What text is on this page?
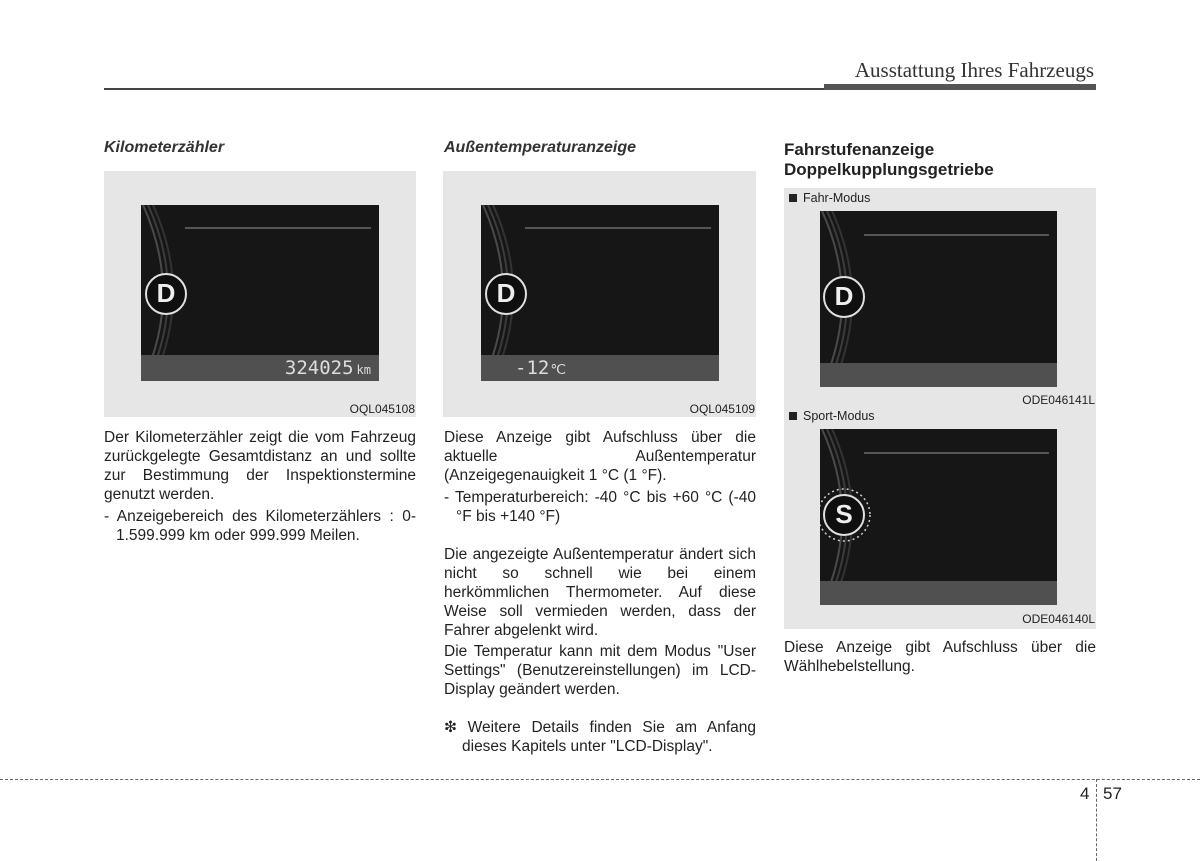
Ausstattung Ihres Fahrzeugs
Kilometerzähler
D
324025 km
OQL045108

Der Kilometerzähler zeigt die vom Fahrzeug zurückgelegte Gesamtdistanz an und sollte zur Bestimmung der Inspektionstermine genutzt werden.

- Anzeigebereich des Kilometerzählers : 0-1.599.999 km oder 999.999 Meilen.

Außentemperaturanzeige
D
-12℃
OQL045109

Diese Anzeige gibt Aufschluss über die aktuelle Außentemperatur (Anzeigegenauigkeit 1 °C (1 °F).

- Temperaturbereich: -40 °C bis +60 °C (-40 °F bis +140 °F)

Die angezeigte Außentemperatur ändert sich nicht so schnell wie bei einem herkömmlichen Thermometer. Auf diese Weise soll vermieden werden, dass der Fahrer abgelenkt wird.

Die Temperatur kann mit dem Modus "User Settings" (Benutzereinstellungen) im LCD-Display geändert werden.

❇ Weitere Details finden Sie am Anfang dieses Kapitels unter "LCD-Display".

Fahrstufenanzeige
Doppelkupplungsgetriebe
Fahr-Modus
D
ODE046141L
Sport-Modus
S
ODE046140L

Diese Anzeige gibt Aufschluss über die Wählhebelstellung.

4 57
